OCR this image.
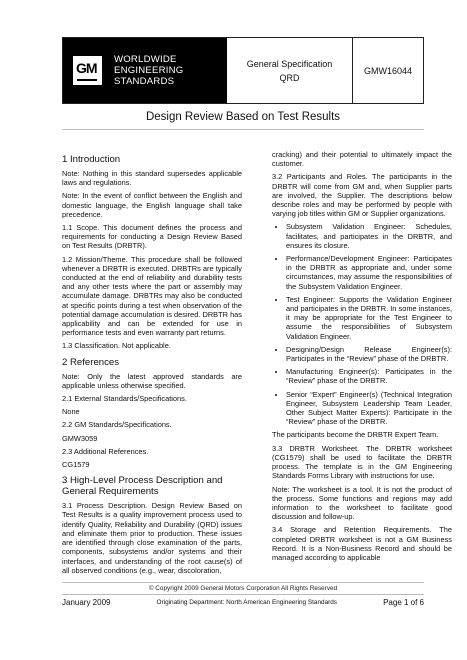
GM
WORLDWIDE
ENGINEERING
STANDARDS
General Specification
QRD
GMW16044
Design Review Based on Test Results
1 Introduction

Note: Nothing in this standard supersedes applicable laws and regulations.

Note: In the event of conflict between the English and domestic language, the English language shall take precedence.

1.1 Scope. This document defines the process and requirements for conducting a Design Review Based on Test Results (DRBTR).

1.2 Mission/Theme. This procedure shall be followed whenever a DRBTR is executed. DRBTRs are typically conducted at the end of reliability and durability tests and any other tests where the part or assembly may accumulate damage. DRBTRs may also be conducted at specific points during a test when observation of the potential damage accumulation is desired. DRBTR has applicability and can be extended for use in performance tests and even warranty part returns.

1.3 Classification. Not applicable.

2 References

Note: Only the latest approved standards are applicable unless otherwise specified.

2.1 External Standards/Specifications.

None

2.2 GM Standards/Specifications.

GMW3059

2.3 Additional References.

CG1579

3 High-Level Process Description and General Requirements

3.1 Process Description. Design Review Based on Test Results is a quality improvement process used to identify Quality, Reliability and Durability (QRD) issues and eliminate them prior to production. These issues are identified through close examination of the parts, components, subsystems and/or systems and their interfaces, and understanding of the root cause(s) of all observed conditions (e.g., wear, discoloration,

cracking) and their potential to ultimately impact the customer.

3.2 Participants and Roles. The participants in the DRBTR will come from GM and, when Supplier parts are involved, the Supplier. The descriptions below describe roles and may be performed by people with varying job titles within GM or Supplier organizations.

• Subsystem Validation Engineer: Schedules, facilitates, and participates in the DRBTR, and ensures its closure.
• Performance/Development Engineer: Participates in the DRBTR as appropriate and, under some circumstances, may assume the responsibilities of the Subsystem Validation Engineer.
• Test Engineer: Supports the Validation Engineer and participates in the DRBTR. In some instances, it may be appropriate for the Test Engineer to assume the responsibilities of Subsystem Validation Engineer.
• Designing/Design Release Engineer(s): Participates in the “Review” phase of the DRBTR.
• Manufacturing Engineer(s): Participates in the “Review” phase of the DRBTR.
• Senior “Expert” Engineer(s) (Technical Integration Engineer, Subsystem Leadership Team Leader, Other Subject Matter Experts): Participate in the “Review” phase of the DRBTR.

The participants become the DRBTR Expert Team.

3.3 DRBTR Worksheet. The DRBTR worksheet (CG1579) shall be used to facilitate the DRBTR process. The template is in the GM Engineering Standards Forms Library with instructions for use.

Note: The worksheet is a tool. It is not the product of the process. Some functions and regions may add information to the worksheet to facilitate good discussion and follow-up.

3.4 Storage and Retention Requirements. The completed DRBTR worksheet is not a GM Business Record. It is a Non-Business Record and should be managed according to applicable

© Copyright 2009 General Motors Corporation All Rights Reserved
January 2009	Originating Department: North American Engineering Standards	Page 1 of 6
